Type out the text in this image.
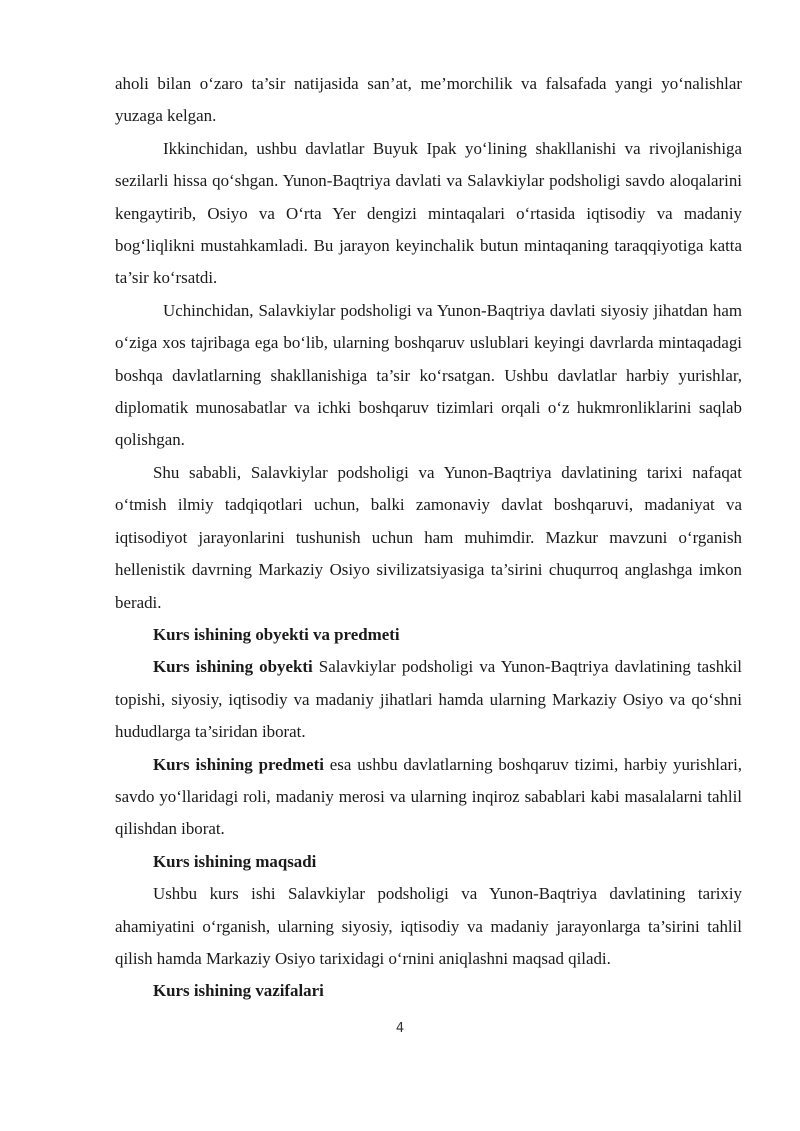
aholi bilan o‘zaro ta’sir natijasida san’at, me’morchilik va falsafada yangi yo‘nalishlar yuzaga kelgan.

Ikkinchidan, ushbu davlatlar Buyuk Ipak yo‘lining shakllanishi va rivojlanishiga sezilarli hissa qo‘shgan. Yunon-Baqtriya davlati va Salavkiylar podsholigi savdo aloqalarini kengaytirib, Osiyo va O‘rta Yer dengizi mintaqalari o‘rtasida iqtisodiy va madaniy bog‘liqlikni mustahkamladi. Bu jarayon keyinchalik butun mintaqaning taraqqiyotiga katta ta’sir ko‘rsatdi.

Uchinchidan, Salavkiylar podsholigi va Yunon-Baqtriya davlati siyosiy jihatdan ham o‘ziga xos tajribaga ega bo‘lib, ularning boshqaruv uslublari keyingi davrlarda mintaqadagi boshqa davlatlarning shakllanishiga ta’sir ko‘rsatgan. Ushbu davlatlar harbiy yurishlar, diplomatik munosabatlar va ichki boshqaruv tizimlari orqali o‘z hukmronliklarini saqlab qolishgan.

Shu sababli, Salavkiylar podsholigi va Yunon-Baqtriya davlatining tarixi nafaqat o‘tmish ilmiy tadqiqotlari uchun, balki zamonaviy davlat boshqaruvi, madaniyat va iqtisodiyot jarayonlarini tushunish uchun ham muhimdir. Mazkur mavzuni o‘rganish hellenistik davrning Markaziy Osiyo sivilizatsiyasiga ta’sirini chuqurroq anglashga imkon beradi.

Kurs ishining obyekti va predmeti

Kurs ishining obyekti Salavkiylar podsholigi va Yunon-Baqtriya davlatining tashkil topishi, siyosiy, iqtisodiy va madaniy jihatlari hamda ularning Markaziy Osiyo va qo‘shni hududlarga ta’siridan iborat.

Kurs ishining predmeti esa ushbu davlatlarning boshqaruv tizimi, harbiy yurishlari, savdo yo‘llaridagi roli, madaniy merosi va ularning inqiroz sabablari kabi masalalarni tahlil qilishdan iborat.

Kurs ishining maqsadi

Ushbu kurs ishi Salavkiylar podsholigi va Yunon-Baqtriya davlatining tarixiy ahamiyatini o‘rganish, ularning siyosiy, iqtisodiy va madaniy jarayonlarga ta’sirini tahlil qilish hamda Markaziy Osiyo tarixidagi o‘rnini aniqlashni maqsad qiladi.

Kurs ishining vazifalari

4
